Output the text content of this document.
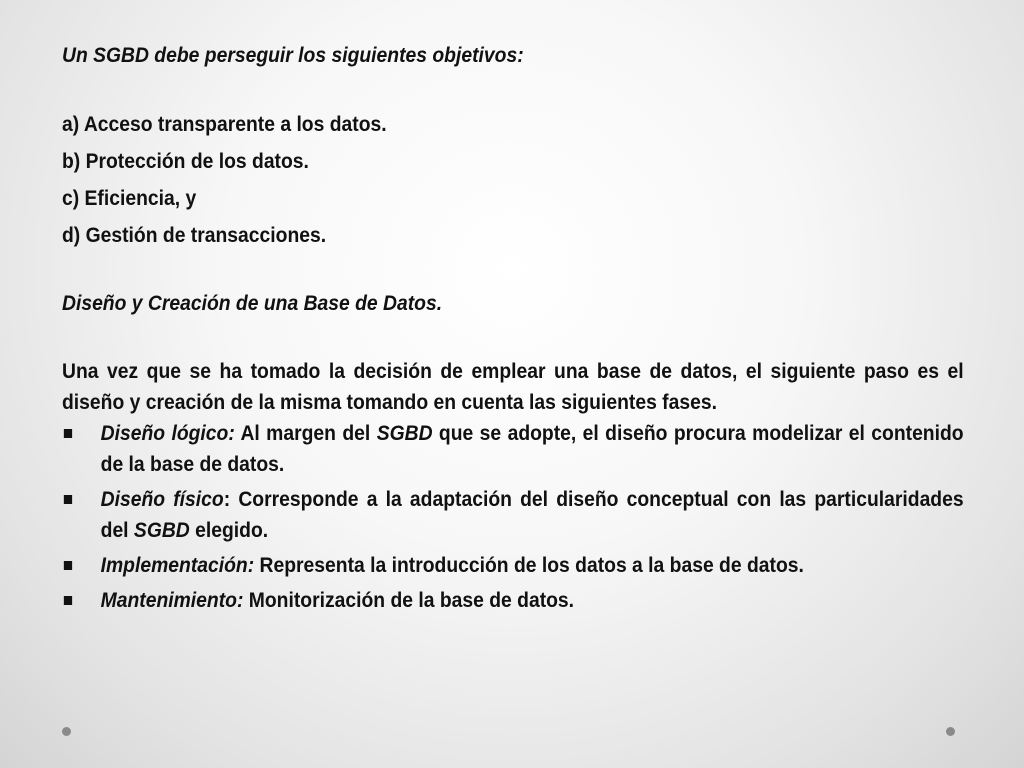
Un SGBD debe perseguir los siguientes objetivos:

a) Acceso transparente a los datos.

b) Protección de los datos.

c) Eficiencia, y

d) Gestión de transacciones.

Diseño y Creación de una Base de Datos.

Una vez que se ha tomado la decisión de emplear una base de datos, el siguiente paso es el diseño y creación de la misma tomando en cuenta las siguientes fases.

Diseño lógico: Al margen del SGBD que se adopte, el diseño procura modelizar el contenido de la base de datos.
Diseño físico: Corresponde a la adaptación del diseño conceptual con las particularidades del SGBD elegido.
Implementación: Representa la introducción de los datos a la base de datos.
Mantenimiento: Monitorización de la base de datos.
